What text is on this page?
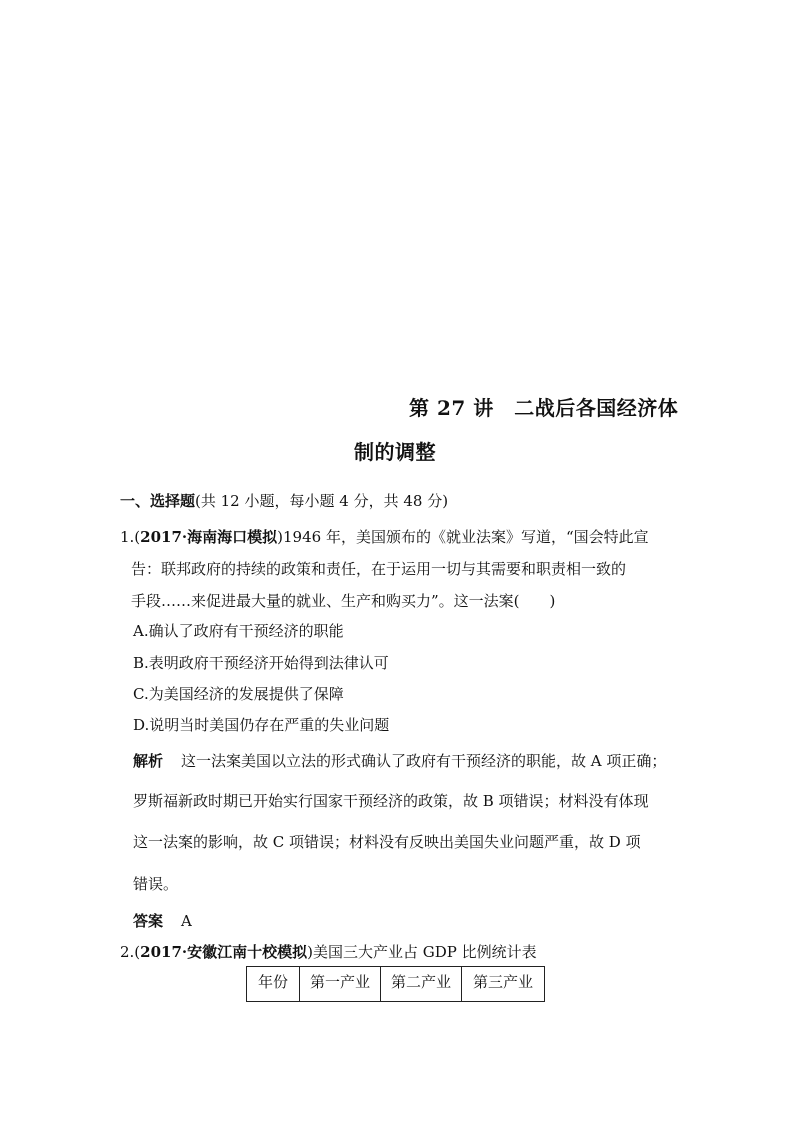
第 27 讲　二战后各国经济体
制的调整
一、选择题(共 12 小题，每小题 4 分，共 48 分)
1.(2017·海南海口模拟)1946 年，美国颁布的《就业法案》写道，“国会特此宣
告：联邦政府的持续的政策和责任，在于运用一切与其需要和职责相一致的
手段……来促进最大量的就业、生产和购买力”。这一法案(　　)
A.确认了政府有干预经济的职能
B.表明政府干预经济开始得到法律认可
C.为美国经济的发展提供了保障
D.说明当时美国仍存在严重的失业问题
解析 这一法案美国以立法的形式确认了政府有干预经济的职能，故 A 项正确；
罗斯福新政时期已开始实行国家干预经济的政策，故 B 项错误；材料没有体现
这一法案的影响，故 C 项错误；材料没有反映出美国失业问题严重，故 D 项
错误。
答案 A
2.(2017·安徽江南十校模拟)美国三大产业占 GDP 比例统计表
年份	第一产业	第二产业	第三产业
